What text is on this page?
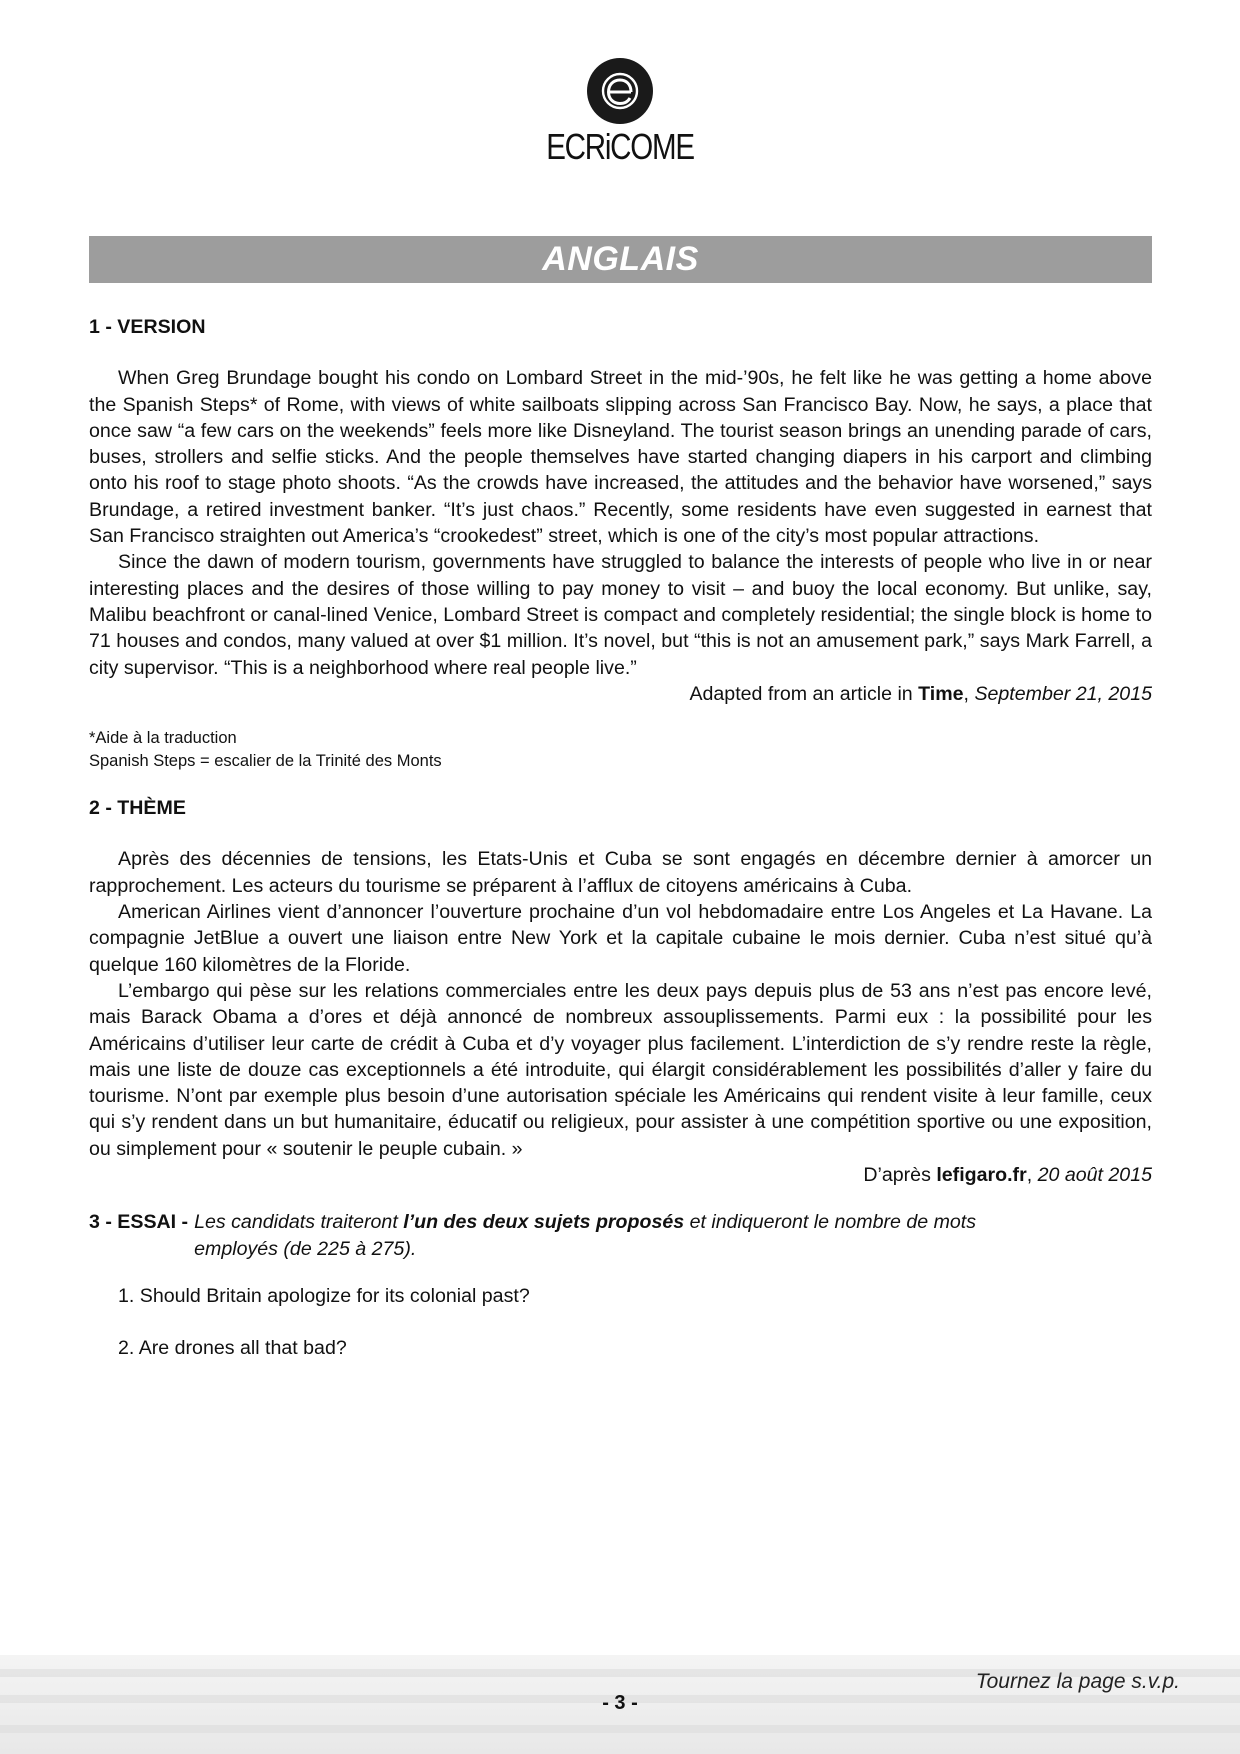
ECRiCOME
ANGLAIS
1 - VERSION

When Greg Brundage bought his condo on Lombard Street in the mid-’90s, he felt like he was getting a home above the Spanish Steps* of Rome, with views of white sailboats slipping across San Francisco Bay. Now, he says, a place that once saw “a few cars on the weekends” feels more like Disneyland. The tourist season brings an unending parade of cars, buses, strollers and selfie sticks. And the people themselves have started changing diapers in his carport and climbing onto his roof to stage photo shoots. “As the crowds have increased, the attitudes and the behavior have worsened,” says Brundage, a retired investment banker. “It’s just chaos.” Recently, some residents have even suggested in earnest that San Francisco straighten out America’s “crookedest” street, which is one of the city’s most popular attractions.

Since the dawn of modern tourism, governments have struggled to balance the interests of people who live in or near interesting places and the desires of those willing to pay money to visit – and buoy the local economy. But unlike, say, Malibu beachfront or canal-lined Venice, Lombard Street is compact and completely residential; the single block is home to 71 houses and condos, many valued at over $1 million. It’s novel, but “this is not an amusement park,” says Mark Farrell, a city supervisor. “This is a neighborhood where real people live.”

Adapted from an article in Time, September 21, 2015

*Aide à la traduction
Spanish Steps = escalier de la Trinité des Monts
2 - THÈME

Après des décennies de tensions, les Etats-Unis et Cuba se sont engagés en décembre dernier à amorcer un rapprochement. Les acteurs du tourisme se préparent à l’afflux de citoyens américains à Cuba.

American Airlines vient d’annoncer l’ouverture prochaine d’un vol hebdomadaire entre Los Angeles et La Havane. La compagnie JetBlue a ouvert une liaison entre New York et la capitale cubaine le mois dernier. Cuba n’est situé qu’à quelque 160 kilomètres de la Floride.

L’embargo qui pèse sur les relations commerciales entre les deux pays depuis plus de 53 ans n’est pas encore levé, mais Barack Obama a d’ores et déjà annoncé de nombreux assouplissements. Parmi eux : la possibilité pour les Américains d’utiliser leur carte de crédit à Cuba et d’y voyager plus facilement. L’interdiction de s’y rendre reste la règle, mais une liste de douze cas exceptionnels a été introduite, qui élargit considérablement les possibilités d’aller y faire du tourisme. N’ont par exemple plus besoin d’une autorisation spéciale les Américains qui rendent visite à leur famille, ceux qui s’y rendent dans un but humanitaire, éducatif ou religieux, pour assister à une compétition sportive ou une exposition, ou simplement pour « soutenir le peuple cubain. »

D’après lefigaro.fr, 20 août 2015

3 - ESSAI - Les candidats traiteront l’un des deux sujets proposés et indiqueront le nombre de mots
employés (de 225 à 275).
1. Should Britain apologize for its colonial past?
2. Are drones all that bad?
Tournez la page s.v.p.
- 3 -
